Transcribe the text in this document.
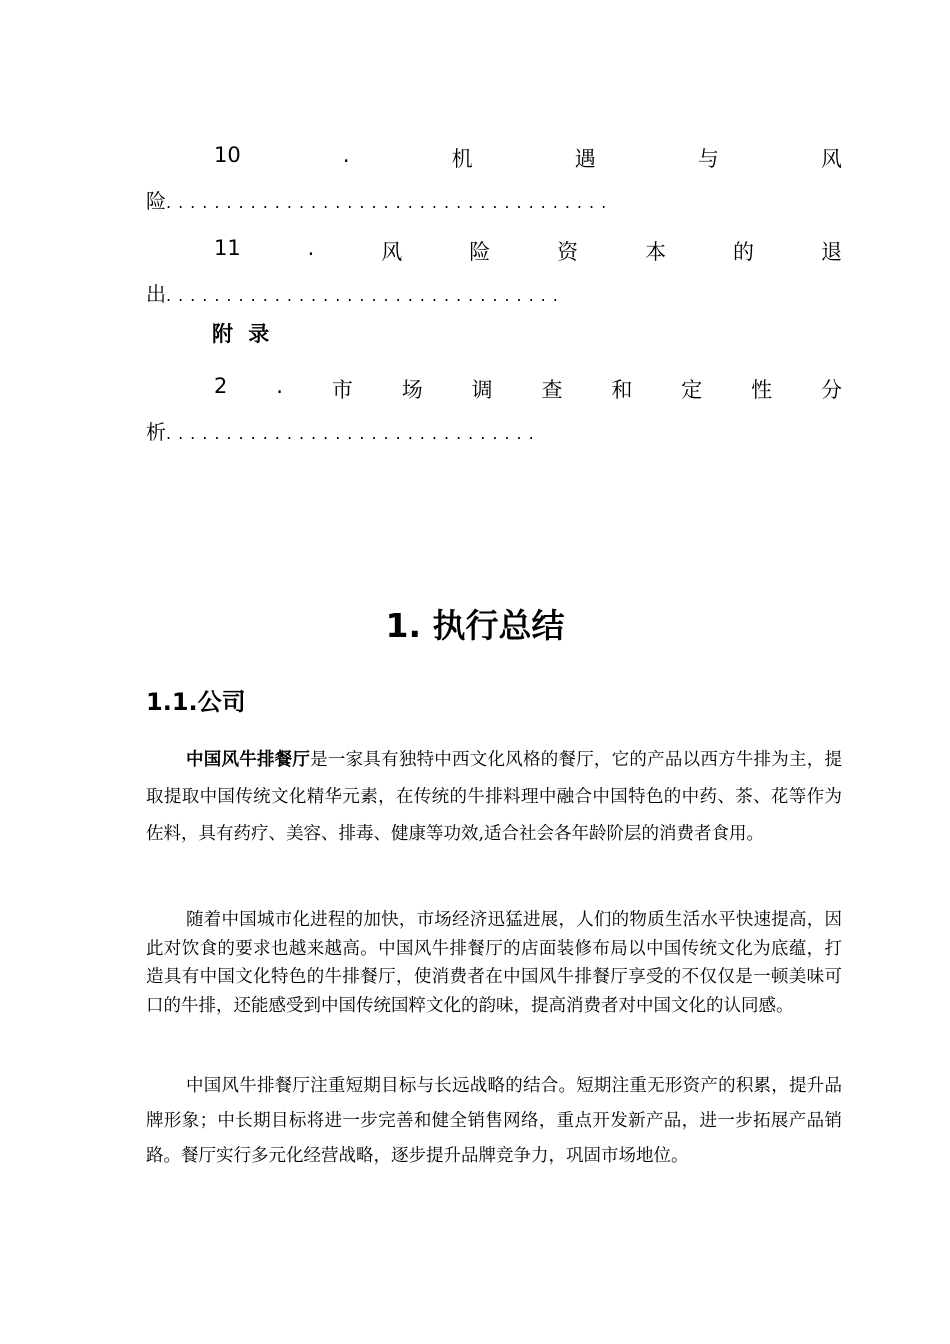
10	.	机	遇	与	风
险.....................................
11	.	风	险	资	本	的	退
出.................................
附 录
2 . 市 场 调 查 和 定 性 分
析...............................
1. 执行总结
1.1.公司
中国风牛排餐厅是一家具有独特中西文化风格的餐厅，它的产品以西方牛排为主，提取提取中国传统文化精华元素，在传统的牛排料理中融合中国特色的中药、茶、花等作为佐料，具有药疗、美容、排毒、健康等功效,适合社会各年龄阶层的消费者食用。
随着中国城市化进程的加快，市场经济迅猛进展，人们的物质生活水平快速提高，因此对饮食的要求也越来越高。中国风牛排餐厅的店面装修布局以中国传统文化为底蕴，打造具有中国文化特色的牛排餐厅，使消费者在中国风牛排餐厅享受的不仅仅是一顿美味可口的牛排，还能感受到中国传统国粹文化的韵味，提高消费者对中国文化的认同感。
中国风牛排餐厅注重短期目标与长远战略的结合。短期注重无形资产的积累，提升品牌形象；中长期目标将进一步完善和健全销售网络，重点开发新产品，进一步拓展产品销路。餐厅实行多元化经营战略，逐步提升品牌竞争力，巩固市场地位。
